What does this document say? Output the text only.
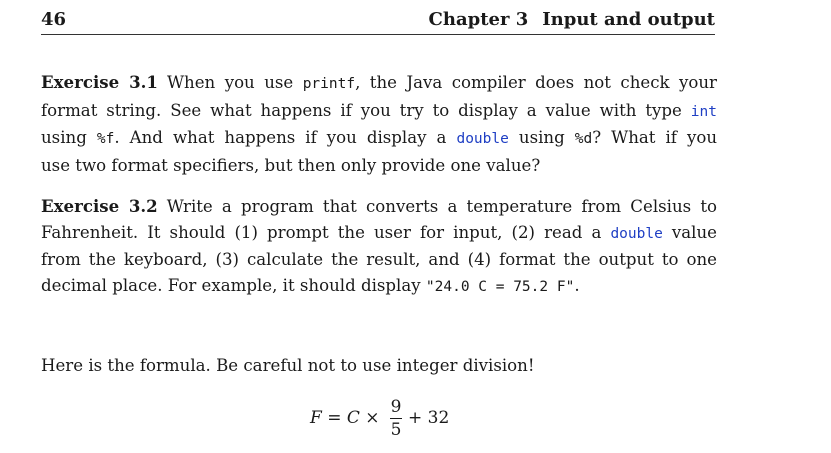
46	Chapter 3 Input and output
Exercise 3.1 When you use printf, the Java compiler does not check your
format string. See what happens if you try to display a value with type int
using %f. And what happens if you display a double using %d? What if you
use two format specifiers, but then only provide one value?
Exercise 3.2 Write a program that converts a temperature from Celsius to
Fahrenheit. It should (1) prompt the user for input, (2) read a double value
from the keyboard, (3) calculate the result, and (4) format the output to one
decimal place. For example, it should display "24.0 C = 75.2 F".
Here is the formula. Be careful not to use integer division!
F = C ×
9
5
+ 32
